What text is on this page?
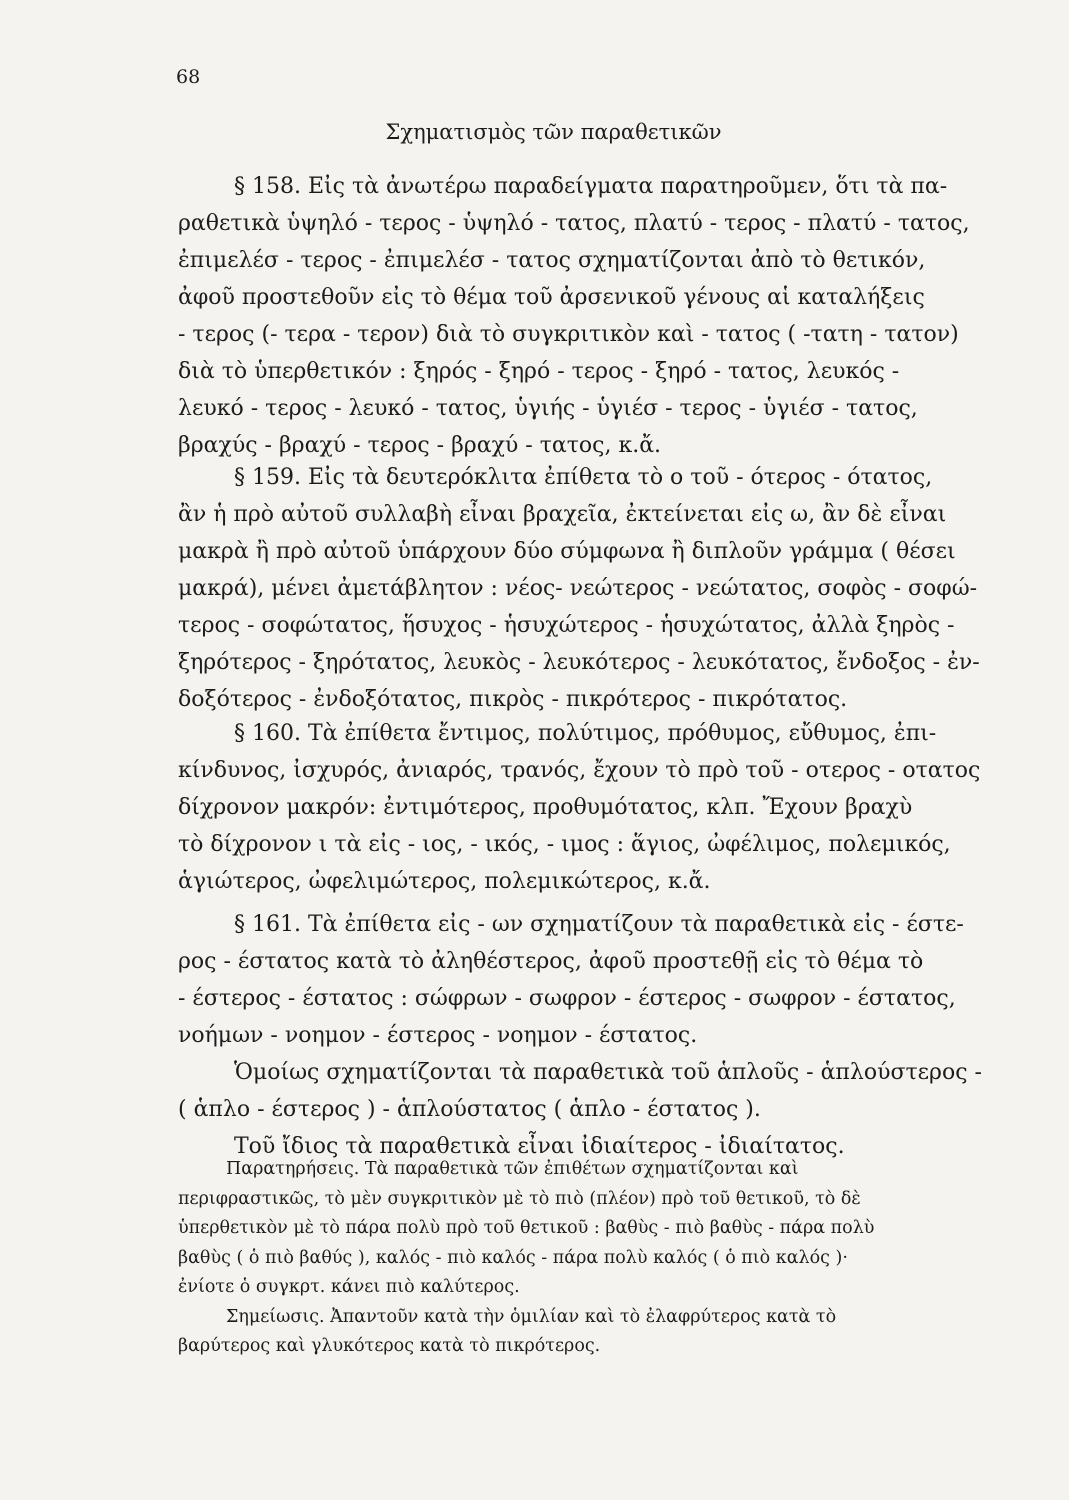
68
Σχηματισμὸς τῶν παραθετικῶν
§ 158. Εἰς τὰ ἀνωτέρω παραδείγματα παρατηροῦμεν, ὅτι τὰ πα-
ραθετικὰ ὑψηλό - τερος - ὑψηλό - τατος, πλατύ - τερος - πλατύ - τατος,
ἐπιμελέσ - τερος - ἐπιμελέσ - τατος σχηματίζονται ἀπὸ τὸ θετικόν,
ἀφοῦ προστεθοῦν εἰς τὸ θέμα τοῦ ἀρσενικοῦ γένους αἱ καταλήξεις
- τερος (- τερα - τερον) διὰ τὸ συγκριτικὸν καὶ - τατος ( -τατη - τατον)
διὰ τὸ ὑπερθετικόν : ξηρός - ξηρό - τερος - ξηρό - τατος, λευκός -
λευκό - τερος - λευκό - τατος, ὑγιής - ὑγιέσ - τερος - ὑγιέσ - τατος,
βραχύς - βραχύ - τερος - βραχύ - τατος, κ.ἄ.
§ 159. Εἰς τὰ δευτερόκλιτα ἐπίθετα τὸ ο τοῦ - ότερος - ότατος,
ἂν ἡ πρὸ αὐτοῦ συλλαβὴ εἶναι βραχεῖα, ἐκτείνεται εἰς ω, ἂν δὲ εἶναι
μακρὰ ἢ πρὸ αὐτοῦ ὑπάρχουν δύο σύμφωνα ἢ διπλοῦν γράμμα ( θέσει
μακρά), μένει ἀμετάβλητον : νέος- νεώτερος - νεώτατος, σοφὸς - σοφώ-
τερος - σοφώτατος, ἥσυχος - ἡσυχώτερος - ἡσυχώτατος, ἀλλὰ ξηρὸς -
ξηρότερος - ξηρότατος, λευκὸς - λευκότερος - λευκότατος, ἔνδοξος - ἐν-
δοξότερος - ἐνδοξότατος, πικρὸς - πικρότερος - πικρότατος.
§ 160. Τὰ ἐπίθετα ἔντιμος, πολύτιμος, πρόθυμος, εὔθυμος, ἐπι-
κίνδυνος, ἰσχυρός, ἀνιαρός, τρανός, ἔχουν τὸ πρὸ τοῦ - οτερος - οτατος
δίχρονον μακρόν: ἐντιμότερος, προθυμότατος, κλπ. Ἔχουν βραχὺ
τὸ δίχρονον ι τὰ εἰς - ιος, - ικός, - ιμος : ἅγιος, ὠφέλιμος, πολεμικός,
ἁγιώτερος, ὠφελιμώτερος, πολεμικώτερος, κ.ἄ.
§ 161. Τὰ ἐπίθετα εἰς - ων σχηματίζουν τὰ παραθετικὰ εἰς - έστε-
ρος - έστατος κατὰ τὸ ἀληθέστερος, ἀφοῦ προστεθῇ εἰς τὸ θέμα τὸ
- έστερος - έστατος : σώφρων - σωφρον - έστερος - σωφρον - έστατος,
νοήμων - νοημον - έστερος - νοημον - έστατος.
Ὁμοίως σχηματίζονται τὰ παραθετικὰ τοῦ ἁπλοῦς - ἁπλούστερος -
( ἁπλο - έστερος ) - ἁπλούστατος ( ἁπλο - έστατος ).
Τοῦ ἴδιος τὰ παραθετικὰ εἶναι ἰδιαίτερος - ἰδιαίτατος.
Παρατηρήσεις. Τὰ παραθετικὰ τῶν ἐπιθέτων σχηματίζονται καὶ
περιφραστικῶς, τὸ μὲν συγκριτικὸν μὲ τὸ πιὸ (πλέον) πρὸ τοῦ θετικοῦ, τὸ δὲ
ὑπερθετικὸν μὲ τὸ πάρα πολὺ πρὸ τοῦ θετικοῦ : βαθὺς - πιὸ βαθὺς - πάρα πολὺ
βαθὺς ( ὁ πιὸ βαθύς ), καλός - πιὸ καλός - πάρα πολὺ καλός ( ὁ πιὸ καλός )·
ἐνίοτε ὁ συγκρτ. κάνει πιὸ καλύτερος.
Σημείωσις. Ἀπαντοῦν κατὰ τὴν ὁμιλίαν καὶ τὸ ἐλαφρύτερος κατὰ τὸ
βαρύτερος καὶ γλυκότερος κατὰ τὸ πικρότερος.
